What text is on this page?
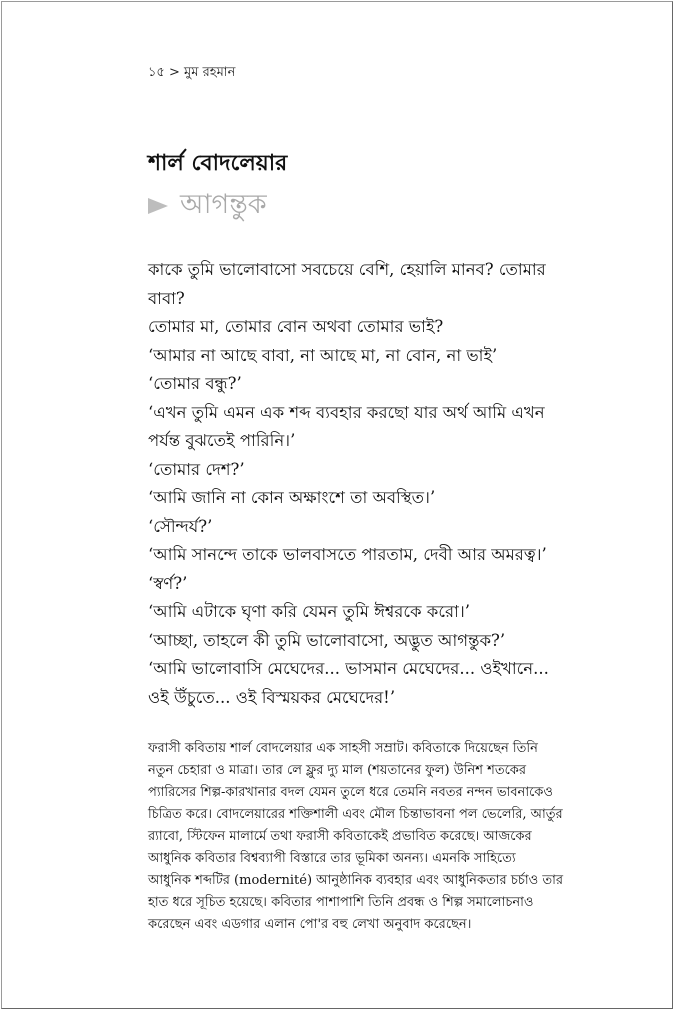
১৫ > মুম রহমান
শার্ল বোদলেয়ার
আগন্তুক
কাকে তুমি ভালোবাসো সবচেয়ে বেশি, হেয়ালি মানব? তোমার
বাবা?
তোমার মা, তোমার বোন অথবা তোমার ভাই?
‘আমার না আছে বাবা, না আছে মা, না বোন, না ভাই’
‘তোমার বন্ধু?’
‘এখন তুমি এমন এক শব্দ ব্যবহার করছো যার অর্থ আমি এখন
পর্যন্ত বুঝতেই পারিনি।’
‘তোমার দেশ?’
‘আমি জানি না কোন অক্ষাংশে তা অবস্থিত।’
‘সৌন্দর্য?’
‘আমি সানন্দে তাকে ভালবাসতে পারতাম, দেবী আর অমরত্ব।’
‘স্বর্ণ?’
‘আমি এটাকে ঘৃণা করি যেমন তুমি ঈশ্বরকে করো।’
‘আচ্ছা, তাহলে কী তুমি ভালোবাসো, অদ্ভুত আগন্তুক?’
‘আমি ভালোবাসি মেঘেদের... ভাসমান মেঘেদের... ওইখানে...
ওই উঁচুতে... ওই বিস্ময়কর মেঘেদের!’
ফরাসী কবিতায় শার্ল বোদলেয়ার এক সাহসী সম্রাট। কবিতাকে দিয়েছেন তিনি
নতুন চেহারা ও মাত্রা। তার লে ফ্লুর দ্যু মাল (শয়তানের ফুল) উনিশ শতকের
প্যারিসের শিল্প-কারখানার বদল যেমন তুলে ধরে তেমনি নবতর নন্দন ভাবনাকেও
চিত্রিত করে। বোদলেয়ারের শক্তিশালী এবং মৌল চিন্তাভাবনা পল ভেলেরি, আর্তুর
র‍্যাবো, স্টিফেন মালার্মে তথা ফরাসী কবিতাকেই প্রভাবিত করেছে। আজকের
আধুনিক কবিতার বিশ্বব্যাপী বিস্তারে তার ভূমিকা অনন্য। এমনকি সাহিত্যে
আধুনিক শব্দটির (modernité) আনুষ্ঠানিক ব্যবহার এবং আধুনিকতার চর্চাও তার
হাত ধরে সূচিত হয়েছে। কবিতার পাশাপাশি তিনি প্রবন্ধ ও শিল্প সমালোচনাও
করেছেন এবং এডগার এলান পো'র বহু লেখা অনুবাদ করেছেন।
